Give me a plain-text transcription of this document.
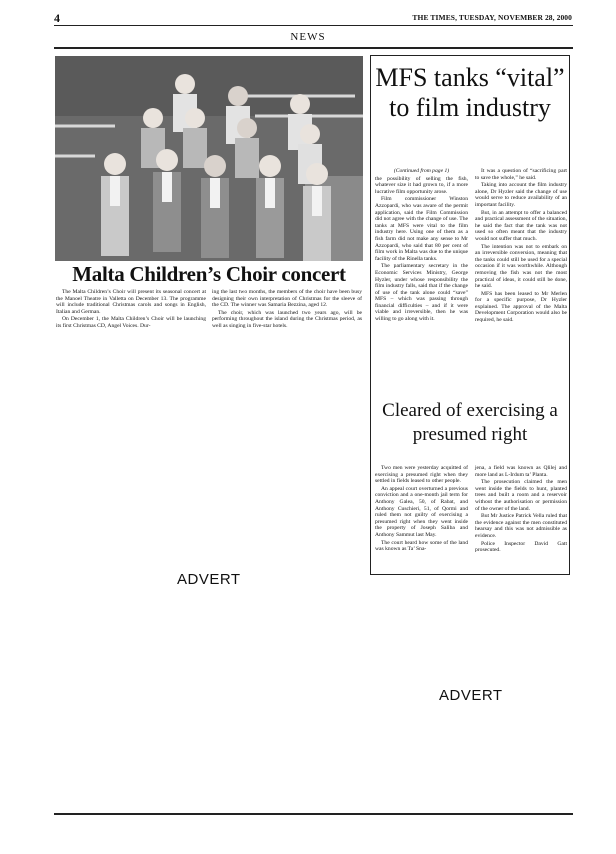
4	THE TIMES, TUESDAY, NOVEMBER 28, 2000
NEWS
Malta Children’s Choir concert

The Malta Children’s Choir will present its seasonal concert at the Manoel Theatre in Valletta on December 13. The programme will include traditional Christmas carols and songs in English, Italian and German.

On December 1, the Malta Children’s Choir will be launching its first Christmas CD, Angel Voices. Dur-

ing the last two months, the members of the choir have been busy designing their own interpretation of Christmas for the sleeve of the CD. The winner was Samaria Bezzina, aged 12.

The choir, which was launched two years ago, will be performing throughout the island during the Christmas period, as well as singing in five-star hotels.

MFS tanks “vital” to film industry

(Continued from page 1)

the possibility of selling the fish, whatever size it had grown to, if a more lucrative film opportunity arose.

Film commissioner Winston Azzopardi, who was aware of the permit application, said the Film Commission did not agree with the change of use. The tanks at MFS were vital to the film industry here. Using one of them as a fish farm did not make any sense to Mr Azzopardi, who said that 80 per cent of film work in Malta was due to the unique facility of the Rinella tanks.

The parliamentary secretary in the Economic Services Ministry, George Hyzler, under whose responsibility the film industry falls, said that if the change of use of the tank alone could “save” MFS – which was passing through financial difficulties – and if it were viable and irreversible, then he was willing to go along with it.

It was a question of “sacrificing part to save the whole,” he said.

Taking into account the film industry alone, Dr Hyzler said the change of use would serve to reduce availability of an important facility.

But, in an attempt to offer a balanced and practical assessment of the situation, he said the fact that the tank was not used so often meant that the industry would not suffer that much.

The intention was not to embark on an irreversible conversion, meaning that the tanks could still be used for a special occasion if it was worthwhile. Although removing the fish was not the most practical of ideas, it could still be done, he said.

MFS has been leased to Mr Merlen for a specific purpose, Dr Hyzler explained. The approval of the Malta Development Corporation would also be required, he said.

Cleared of exercising a presumed right

Two men were yesterday acquitted of exercising a presumed right when they settled in fields leased to other people.

An appeal court overturned a previous conviction and a one-month jail term for Anthony Galea, 50, of Rabat, and Anthony Cuschieri, 51, of Qormi and ruled them not guilty of exercising a presumed right when they went inside the property of Joseph Saliba and Anthony Sammut last May.

The court heard how some of the land was known as Ta’ Sna-

jena, a field was known as Qlilej and more land as L-Irdum ta’ Planta.

The prosecution claimed the men went inside the fields to hunt, planted trees and built a room and a reservoir without the authorisation or permission of the owner of the land.

But Mr Justice Patrick Vella ruled that the evidence against the men constituted hearsay and this was not admissible as evidence.

Police Inspector David Gatt prosecuted.

ADVERT
ADVERT
